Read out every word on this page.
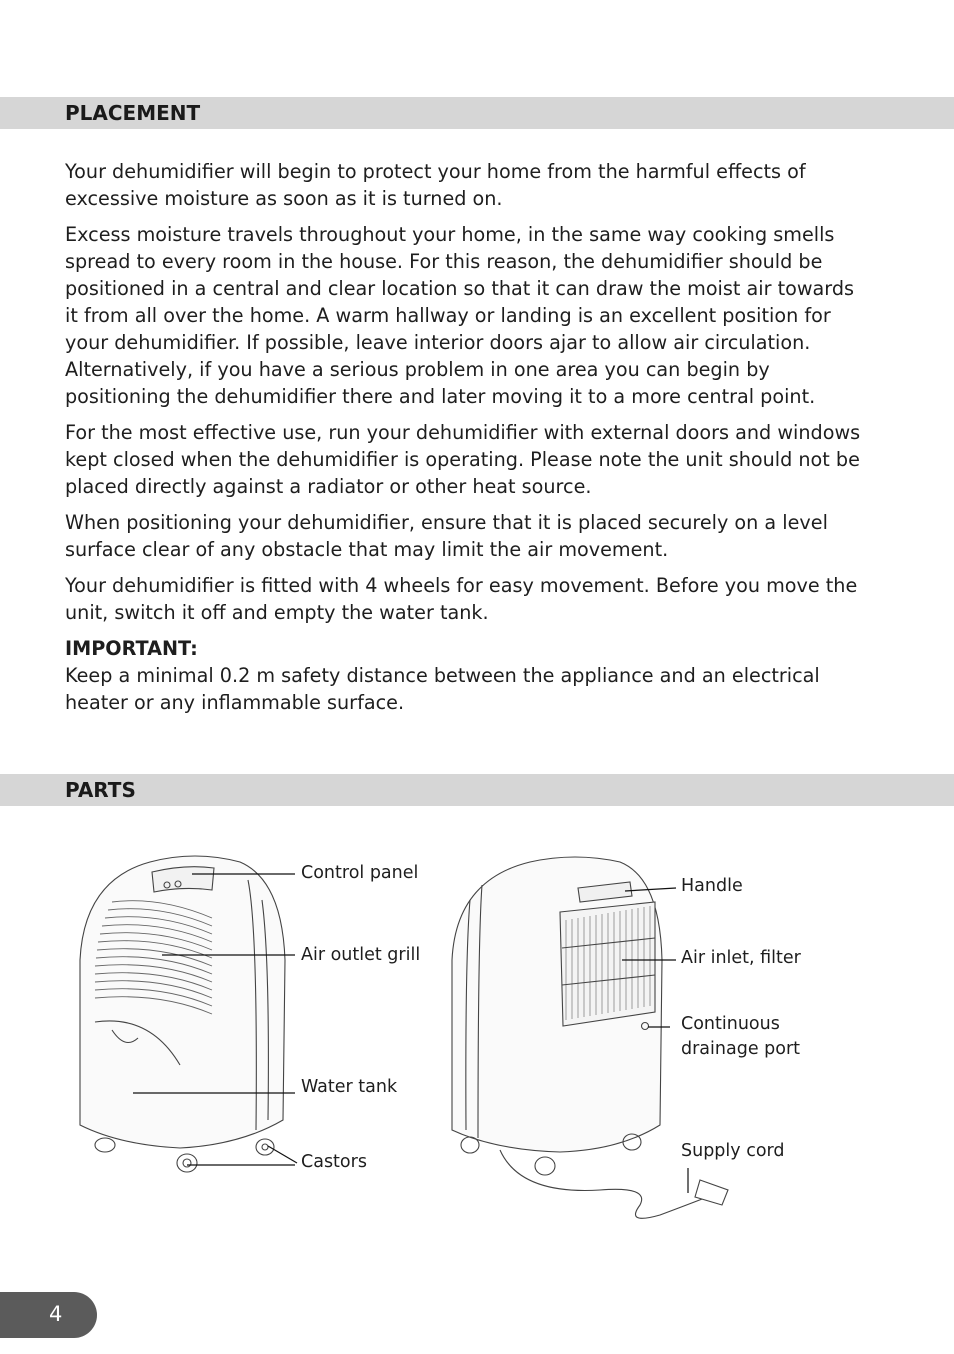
PLACEMENT

Your dehumidifier will begin to protect your home from the harmful effects of excessive moisture as soon as it is turned on.

Excess moisture travels throughout your home, in the same way cooking smells spread to every room in the house. For this reason, the dehumidifier should be positioned in a central and clear location so that it can draw the moist air towards it from all over the home. A warm hallway or landing is an excellent position for your dehumidifier. If possible, leave interior doors ajar to allow air circulation. Alternatively, if you have a serious problem in one area you can begin by positioning the dehumidifier there and later moving it to a more central point.

For the most effective use, run your dehumidifier with external doors and windows kept closed when the dehumidifier is operating. Please note the unit should not be placed directly against a radiator or other heat source.

When positioning your dehumidifier, ensure that it is placed securely on a level surface clear of any obstacle that may limit the air movement.

Your dehumidifier is fitted with 4 wheels for easy movement. Before you move the unit, switch it off and empty the water tank.

IMPORTANT:

Keep a minimal 0.2 m safety distance between the appliance and an electrical heater or any inflammable surface.

PARTS
Control panel
Air outlet grill
Water tank
Castors
Handle
Air inlet, filter
Continuous
drainage port
Supply cord
4
